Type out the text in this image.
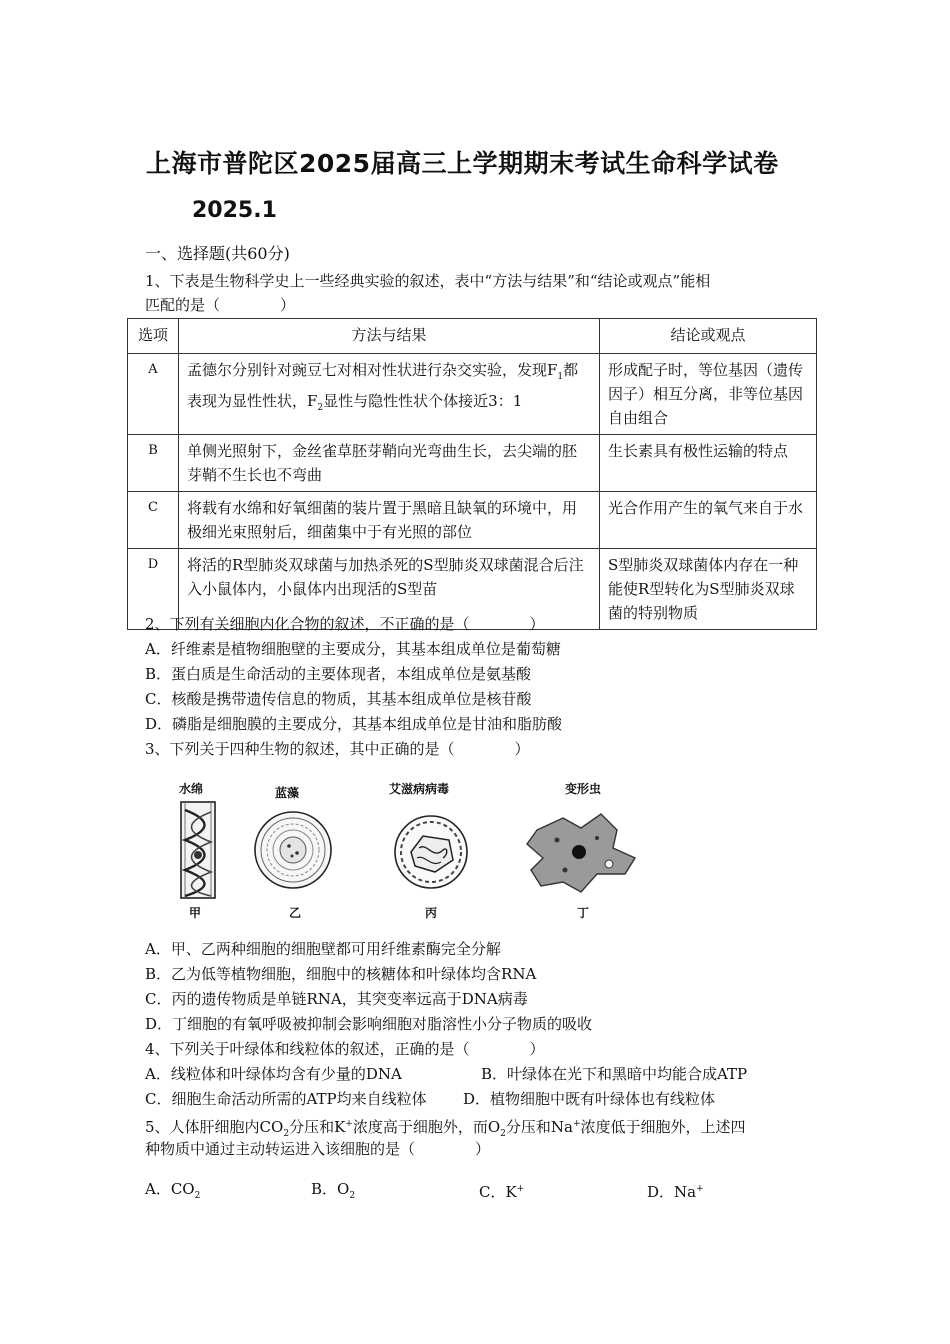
上海市普陀区2025届高三上学期期末考试生命科学试卷
2025.1
一、选择题(共60分)
1、下表是生物科学史上一些经典实验的叙述，表中“方法与结果”和“结论或观点”能相
匹配的是（　　　　）
选项	方法与结果	结论或观点
A	孟德尔分别针对豌豆七对相对性状进行杂交实验，发现$F_1$都表现为显性性状，$F_2$显性与隐性性状个体接近3：1	形成配子时，等位基因（遗传因子）相互分离，非等位基因自由组合
B	单侧光照射下，金丝雀草胚芽鞘向光弯曲生长，去尖端的胚芽鞘不生长也不弯曲	生长素具有极性运输的特点
C	将载有水绵和好氧细菌的装片置于黑暗且缺氧的环境中，用极细光束照射后，细菌集中于有光照的部位	光合作用产生的氧气来自于水
D	将活的R型肺炎双球菌与加热杀死的S型肺炎双球菌混合后注入小鼠体内，小鼠体内出现活的S型苗	S型肺炎双球菌体内存在一种能使R型转化为S型肺炎双球菌的特别物质
2、下列有关细胞内化合物的叙述，不正确的是（　　　　）
A．纤维素是植物细胞壁的主要成分，其基本组成单位是葡萄糖
B．蛋白质是生命活动的主要体现者，本组成单位是氨基酸
C．核酸是携带遗传信息的物质，其基本组成单位是核苷酸
D．磷脂是细胞膜的主要成分，其基本组成单位是甘油和脂肪酸
3、下列关于四种生物的叙述，其中正确的是（　　　　）
水绵	蓝藻	艾滋病病毒	变形虫
甲	乙	丙	丁
A．甲、乙两种细胞的细胞壁都可用纤维素酶完全分解
B．乙为低等植物细胞，细胞中的核糖体和叶绿体均含RNA
C．丙的遗传物质是单链RNA，其突变率远高于DNA病毒
D．丁细胞的有氧呼吸被抑制会影响细胞对脂溶性小分子物质的吸收
4、下列关于叶绿体和线粒体的叙述，正确的是（　　　　）
A．线粒体和叶绿体均含有少量的DNA	B．叶绿体在光下和黑暗中均能合成ATP
C．细胞生命活动所需的ATP均来自线粒体 D．植物细胞中既有叶绿体也有线粒体
5、人体肝细胞内$CO_2$分压和K+浓度高于细胞外，而$O_2$分压和Na+浓度低于细胞外，上述四
种物质中通过主动转运进入该细胞的是（　　　　）
A．$CO_2$	B．$O_2$	C．K+	D．Na+
